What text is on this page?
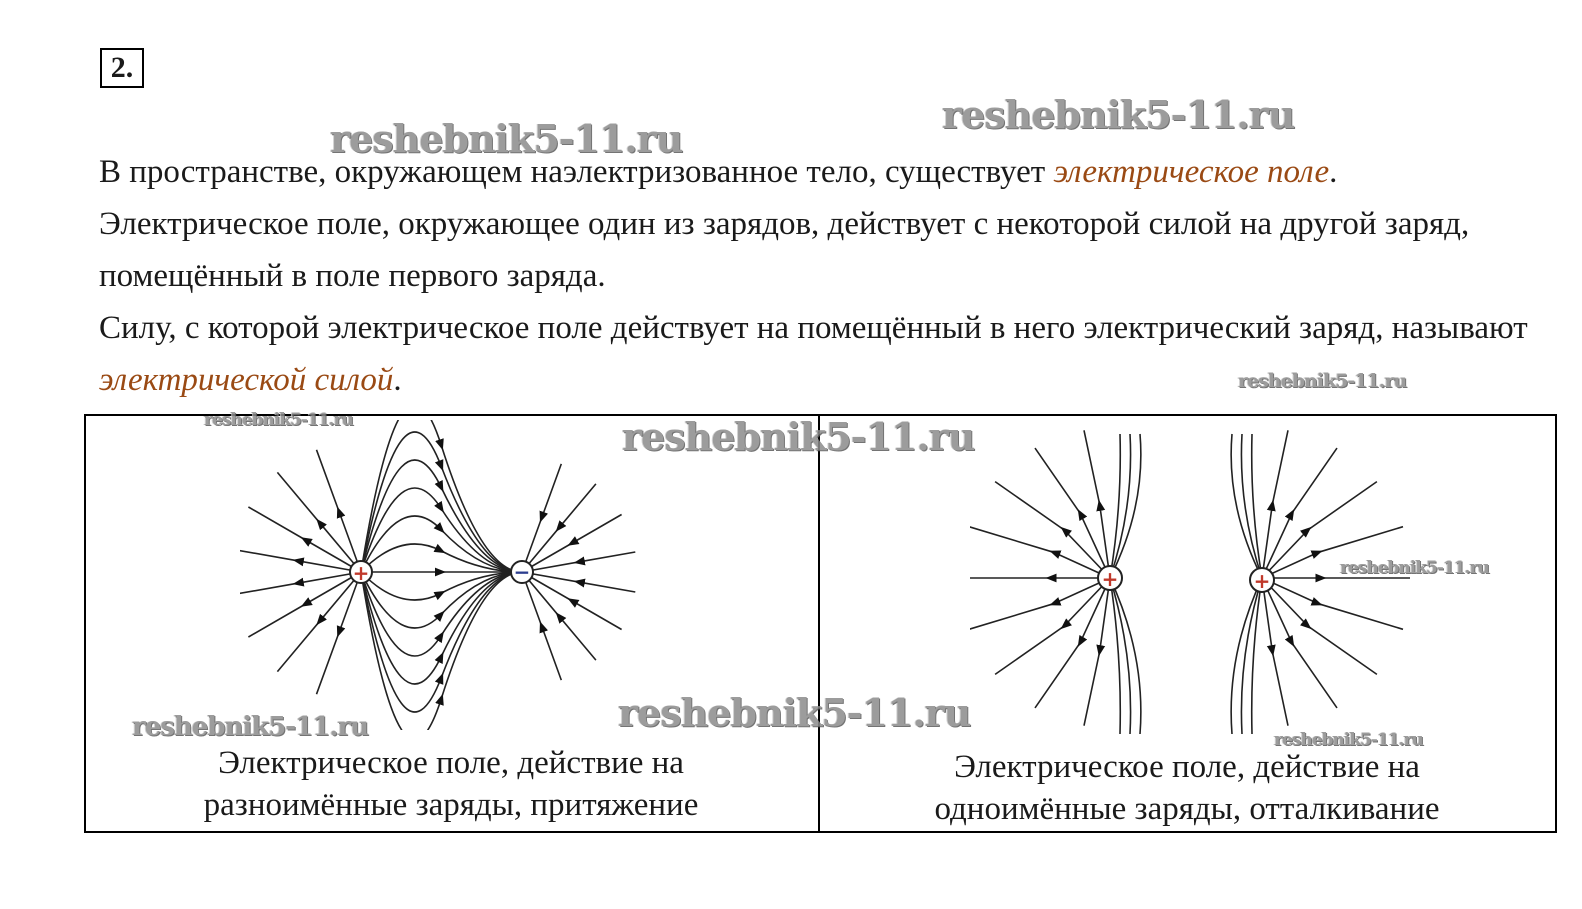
2.
reshebnik5-11.ru
reshebnik5-11.ru

В пространстве, окружающем наэлектризованное тело, существует электрическое поле. Электрическое поле, окружающее один из зарядов, действует с некоторой силой на другой заряд, помещённый в поле первого заряда.

Силу, с которой электрическое поле действует на помещённый в него электрический заряд, называют электрической силой.	reshebnik5-11.ru
+	−	+	+
reshebnik5-11.ru	reshebnik5-11.ru
reshebnik5-11.ru
reshebnik5-11.ru
reshebnik5-11.ru	reshebnik5-11.ru
Электрическое поле, действие на
разноимённые заряды, притяжение
Электрическое поле, действие на
одноимённые заряды, отталкивание
